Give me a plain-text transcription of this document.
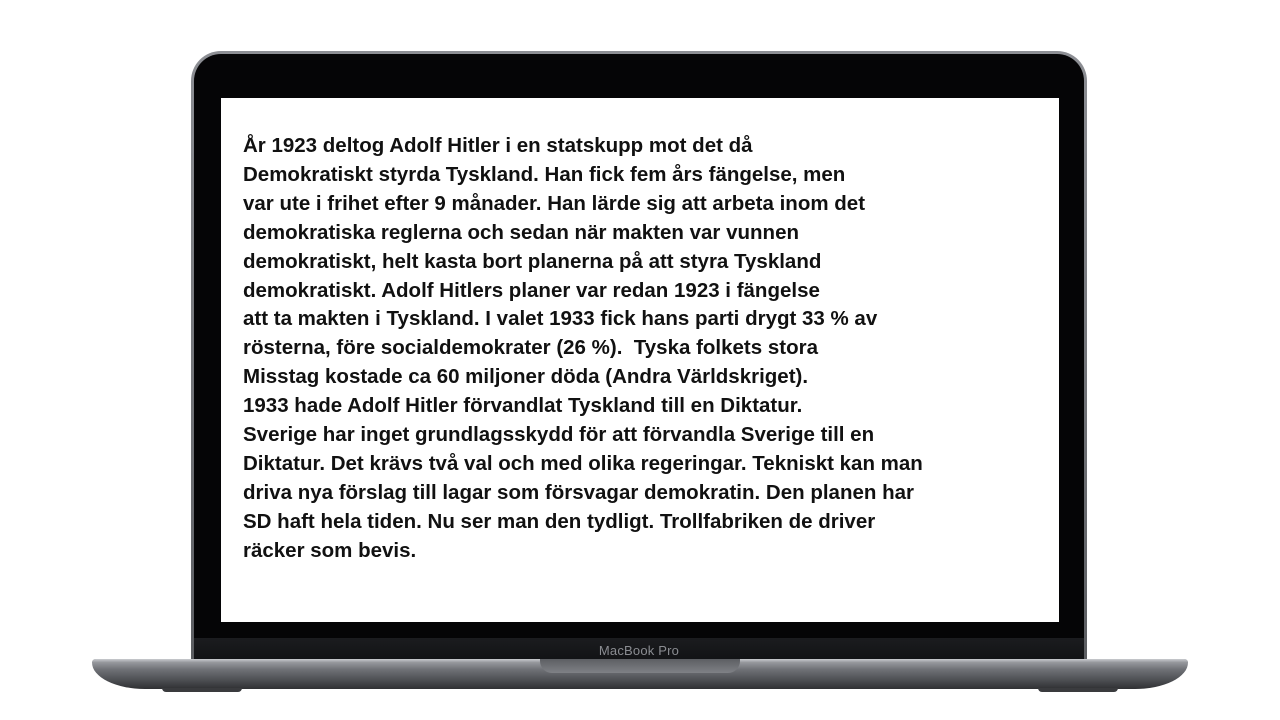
MacBook Pro

År 1923 deltog Adolf Hitler i en statskupp mot det då
Demokratiskt styrda Tyskland. Han fick fem års fängelse, men
var ute i frihet efter 9 månader. Han lärde sig att arbeta inom det
demokratiska reglerna och sedan när makten var vunnen
demokratiskt, helt kasta bort planerna på att styra Tyskland
demokratiskt. Adolf Hitlers planer var redan 1923 i fängelse
att ta makten i Tyskland. I valet 1933 fick hans parti drygt 33 % av
rösterna, före socialdemokrater (26 %).  Tyska folkets stora
Misstag kostade ca 60 miljoner döda (Andra Världskriget).
1933 hade Adolf Hitler förvandlat Tyskland till en Diktatur.
Sverige har inget grundlagsskydd för att förvandla Sverige till en
Diktatur. Det krävs två val och med olika regeringar. Tekniskt kan man
driva nya förslag till lagar som försvagar demokratin. Den planen har
SD haft hela tiden. Nu ser man den tydligt. Trollfabriken de driver
räcker som bevis.
